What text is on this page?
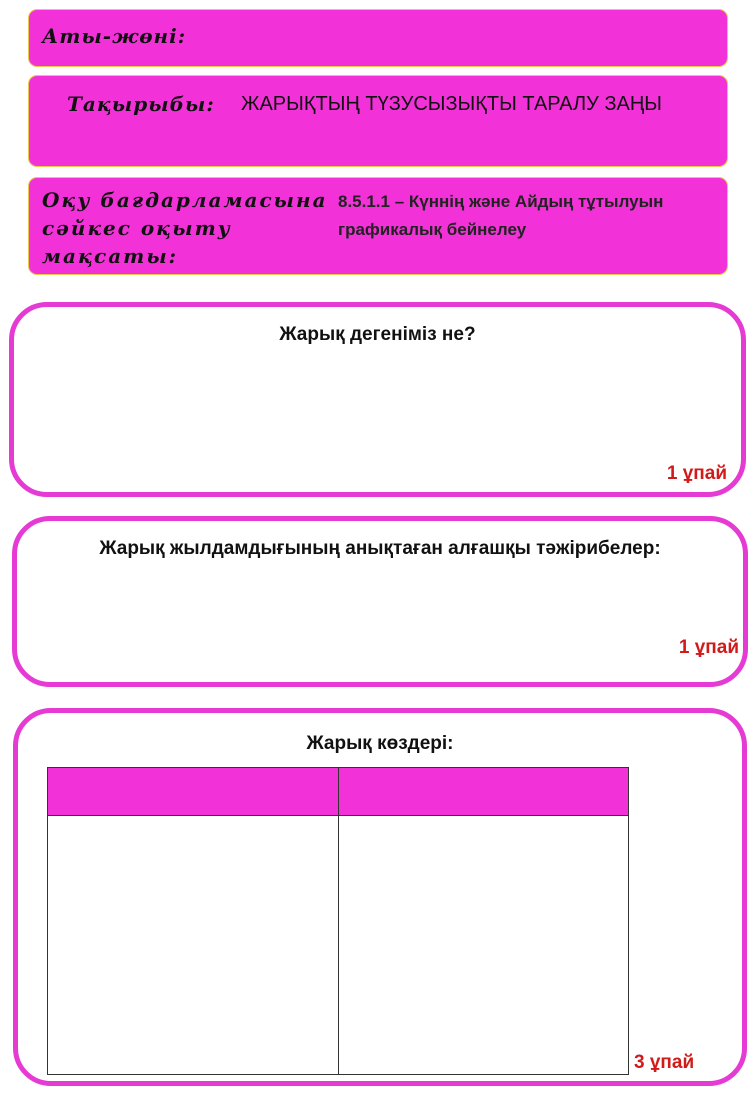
Аты-жөні:
Тақырыбы: ЖАРЫҚТЫҢ ТҮЗУСЫЗЫҚТЫ ТАРАЛУ ЗАҢЫ
Оқу бағдарламасына сәйкес оқыту мақсаты:
8.5.1.1 – Күннің және Айдың тұтылуын графикалық бейнелеу
Жарық дегеніміз не?
1 ұпай
Жарық жылдамдығының анықтаған алғашқы тәжірибелер:
1 ұпай
Жарық көздері:

3 ұпай
